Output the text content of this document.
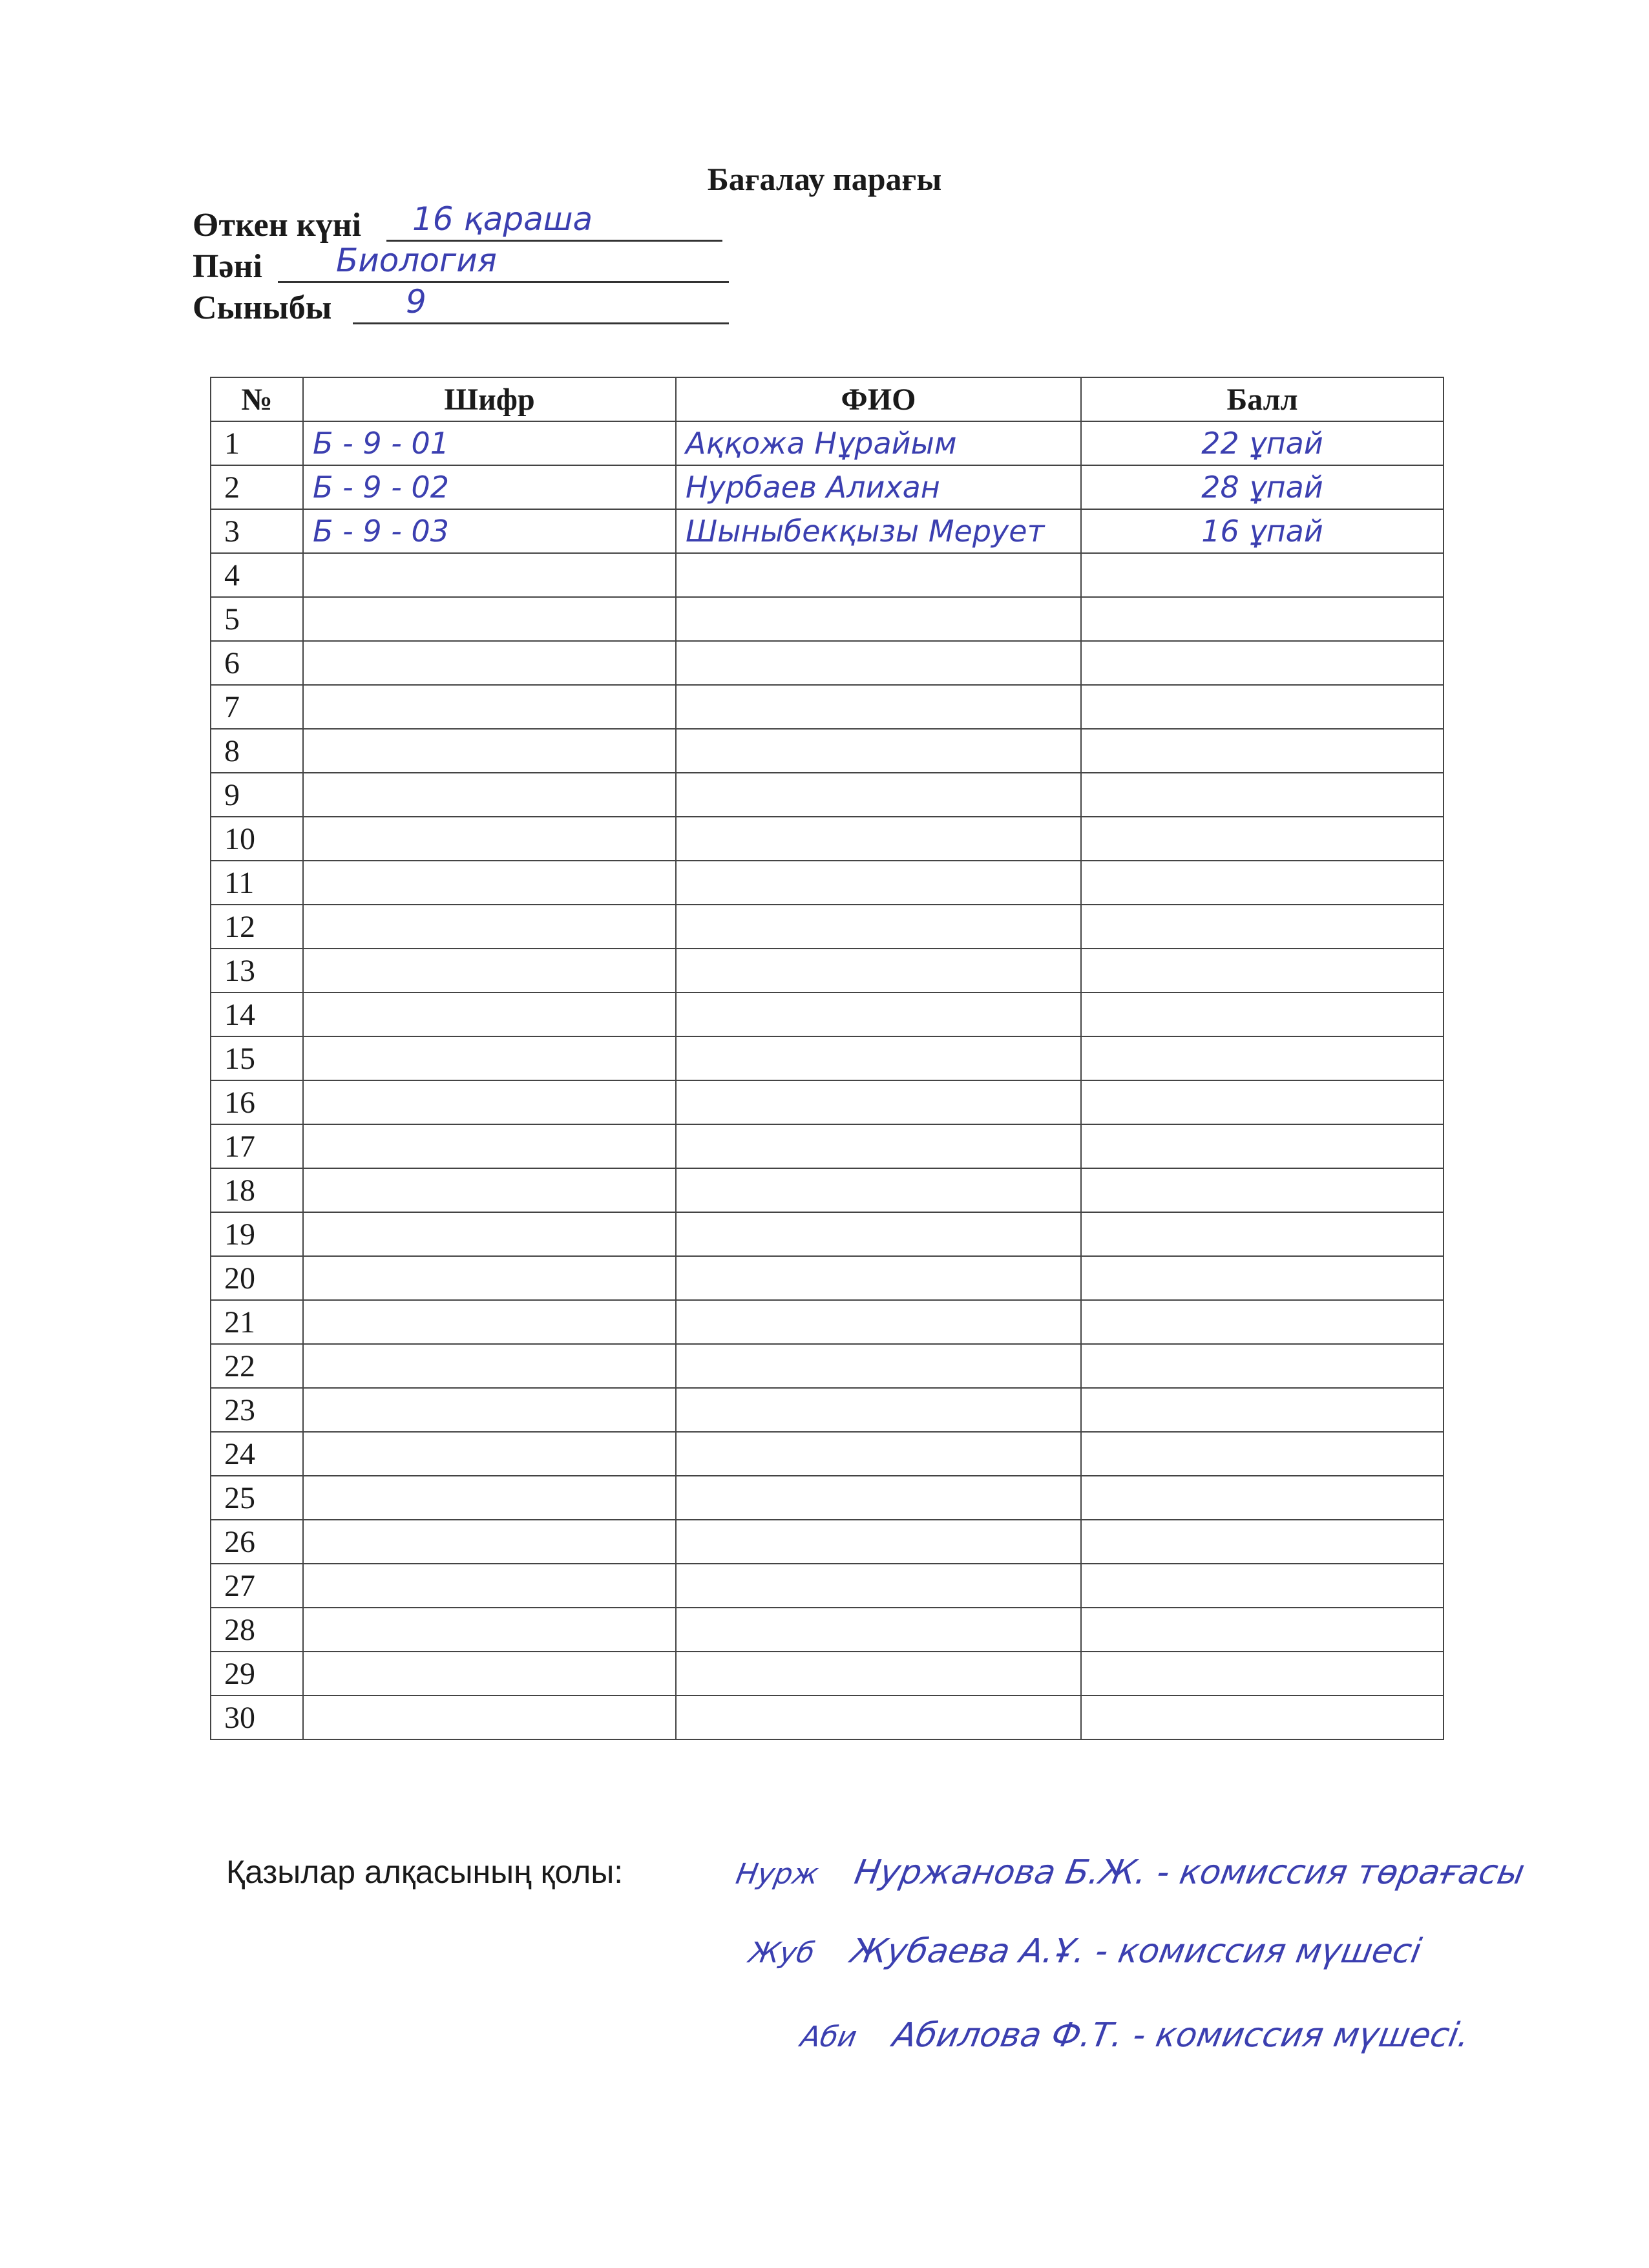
Бағалау парағы
Өткен күні 16 қараша
Пәні Биология
Сыныбы 9
№	Шифр	ФИО	Балл
1	Б - 9 - 01	Аққожа Нұрайым	22 ұпай
2	Б - 9 - 02	Нурбаев Алихан	28 ұпай
3	Б - 9 - 03	Шыныбекқызы Мерует	16 ұпай
4			
5			
6			
7			
8			
9			
10			
11			
12			
13			
14			
15			
16			
17			
18			
19			
20			
21			
22			
23			
24			
25			
26			
27			
28			
29			
30			
Қазылар алқасының қолы:	Нурж Нуржанова Б.Ж. - комиссия төрағасы
Жуб Жубаева А.Ұ. - комиссия мүшесі
Аби Абилова Ф.Т. - комиссия мүшесі.
